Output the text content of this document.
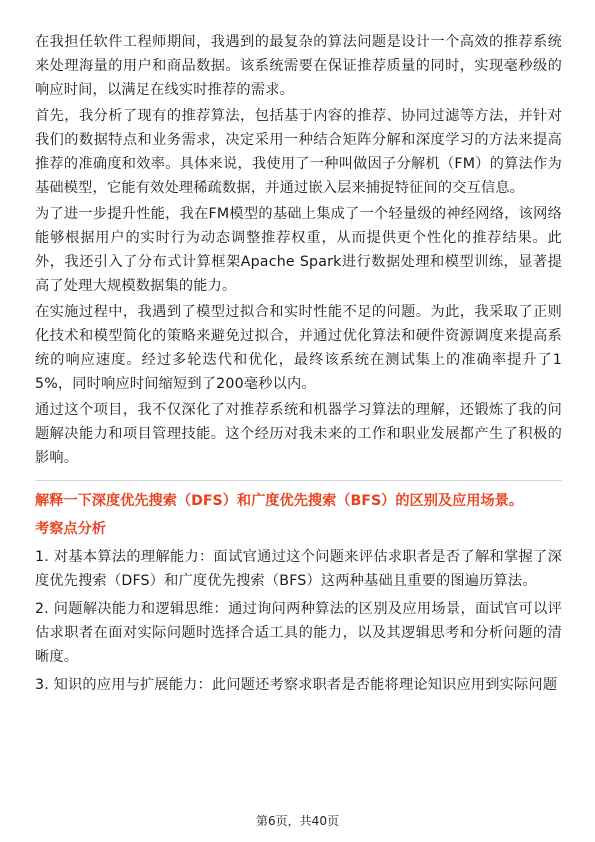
在我担任软件工程师期间，我遇到的最复杂的算法问题是设计一个高效的推荐系统来处理海量的用户和商品数据。该系统需要在保证推荐质量的同时，实现毫秒级的响应时间，以满足在线实时推荐的需求。

首先，我分析了现有的推荐算法，包括基于内容的推荐、协同过滤等方法，并针对我们的数据特点和业务需求，决定采用一种结合矩阵分解和深度学习的方法来提高推荐的准确度和效率。具体来说，我使用了一种叫做因子分解机（FM）的算法作为基础模型，它能有效处理稀疏数据，并通过嵌入层来捕捉特征间的交互信息。

为了进一步提升性能，我在FM模型的基础上集成了一个轻量级的神经网络，该网络能够根据用户的实时行为动态调整推荐权重，从而提供更个性化的推荐结果。此外，我还引入了分布式计算框架Apache Spark进行数据处理和模型训练，显著提高了处理大规模数据集的能力。

在实施过程中，我遇到了模型过拟合和实时性能不足的问题。为此，我采取了正则化技术和模型简化的策略来避免过拟合，并通过优化算法和硬件资源调度来提高系统的响应速度。经过多轮迭代和优化，最终该系统在测试集上的准确率提升了15%，同时响应时间缩短到了200毫秒以内。

通过这个项目，我不仅深化了对推荐系统和机器学习算法的理解，还锻炼了我的问题解决能力和项目管理技能。这个经历对我未来的工作和职业发展都产生了积极的影响。

解释一下深度优先搜索（DFS）和广度优先搜索（BFS）的区别及应用场景。

考察点分析

1. 对基本算法的理解能力：面试官通过这个问题来评估求职者是否了解和掌握了深度优先搜索（DFS）和广度优先搜索（BFS）这两种基础且重要的图遍历算法。

2. 问题解决能力和逻辑思维：通过询问两种算法的区别及应用场景，面试官可以评估求职者在面对实际问题时选择合适工具的能力，以及其逻辑思考和分析问题的清晰度。

3. 知识的应用与扩展能力：此问题还考察求职者是否能将理论知识应用到实际问题

第6页，共40页
